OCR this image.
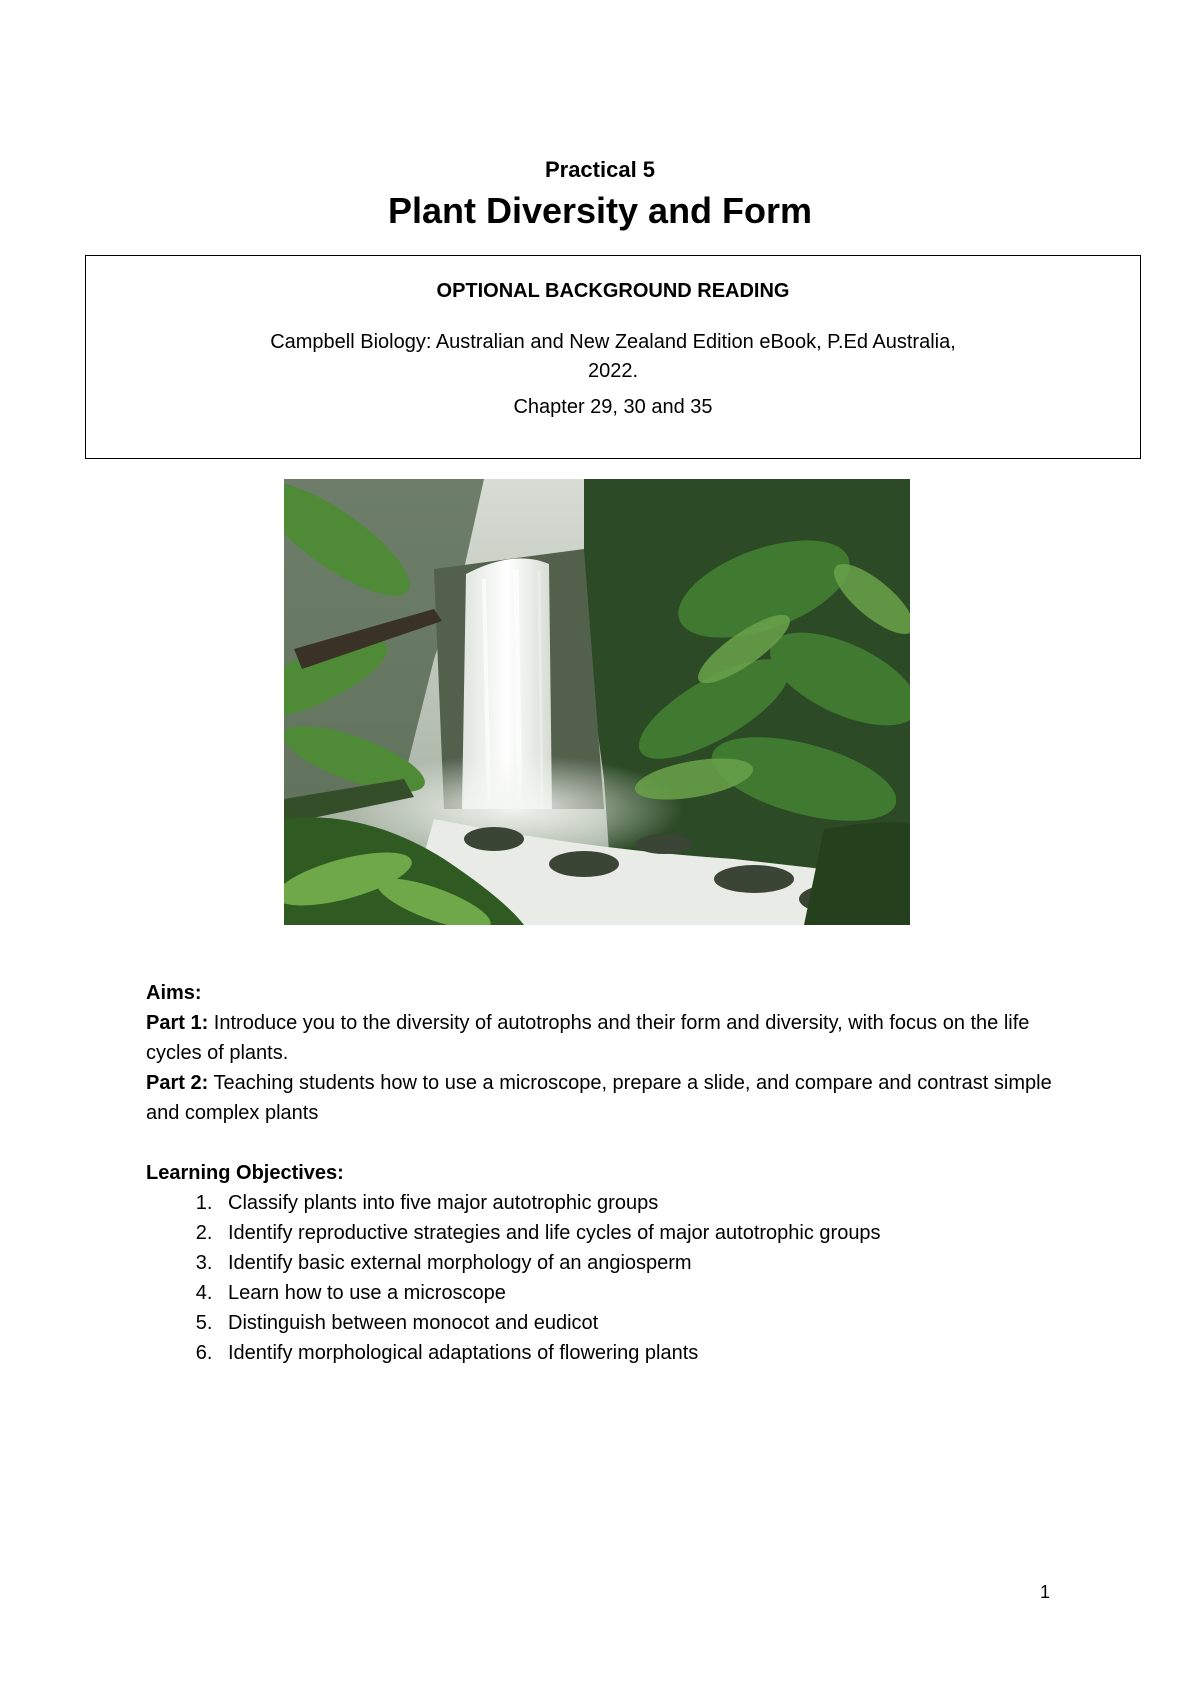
Practical 5
Plant Diversity and Form
OPTIONAL BACKGROUND READING
Campbell Biology: Australian and New Zealand Edition eBook, P.Ed Australia,
2022.
Chapter 29, 30 and 35
Aims:
Part 1: Introduce you to the diversity of autotrophs and their form and diversity, with focus on the life cycles of plants.
Part 2: Teaching students how to use a microscope, prepare a slide, and compare and contrast simple and complex plants
Learning Objectives:
1. Classify plants into five major autotrophic groups
2. Identify reproductive strategies and life cycles of major autotrophic groups
3. Identify basic external morphology of an angiosperm
4. Learn how to use a microscope
5. Distinguish between monocot and eudicot
6. Identify morphological adaptations of flowering plants
1
